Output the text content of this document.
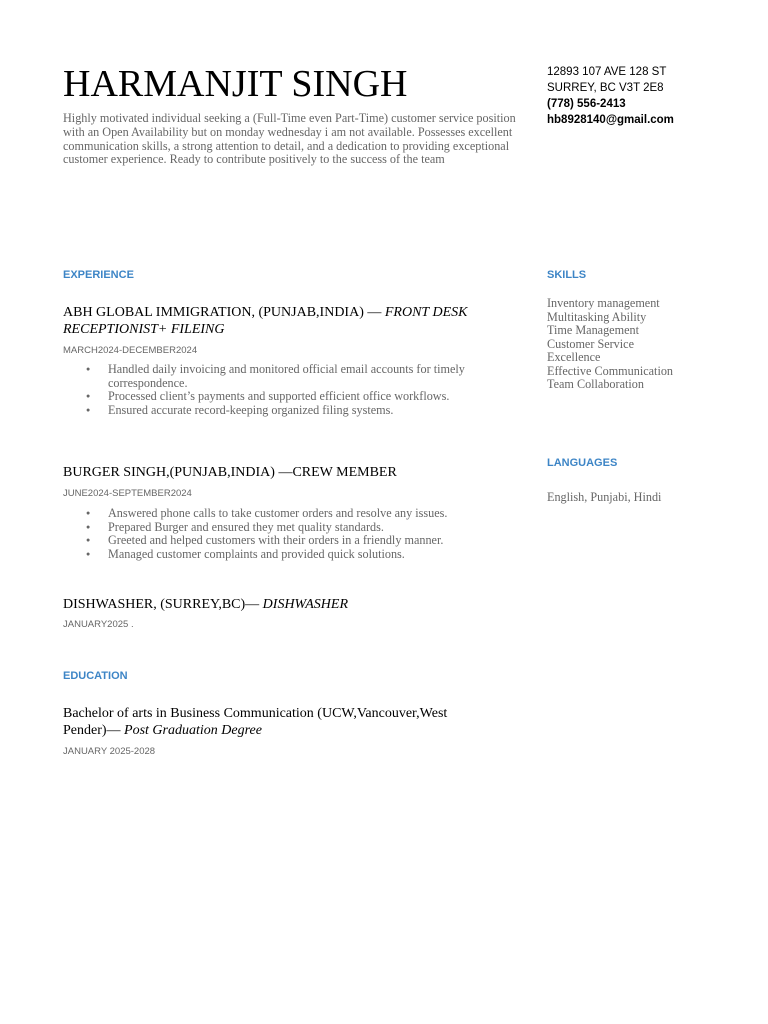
HARMANJIT SINGH
Highly motivated individual seeking a (Full-Time even Part-Time) customer service position with an Open Availability but on monday wednesday i am not available. Possesses excellent communication skills, a strong attention to detail, and a dedication to providing exceptional customer experience. Ready to contribute positively to the success of the team
12893 107 AVE 128 ST
SURREY, BC V3T 2E8
(778) 556-2413
hb8928140@gmail.com
EXPERIENCE
ABH GLOBAL IMMIGRATION, (PUNJAB,INDIA) — FRONT DESK RECEPTIONIST+ FILEING
MARCH2024-DECEMBER2024
● Handled daily invoicing and monitored official email accounts for timely correspondence.
● Processed client’s payments and supported efficient office workflows.
● Ensured accurate record-keeping organized filing systems.
BURGER SINGH,(PUNJAB,INDIA) —CREW MEMBER
JUNE2024-SEPTEMBER2024
● Answered phone calls to take customer orders and resolve any issues.
● Prepared Burger and ensured they met quality standards.
● Greeted and helped customers with their orders in a friendly manner.
● Managed customer complaints and provided quick solutions.
DISHWASHER, (SURREY,BC)— DISHWASHER
JANUARY2025 .
EDUCATION
Bachelor of arts in Business Communication (UCW,Vancouver,West Pender)— Post Graduation Degree
JANUARY 2025-2028
SKILLS
Inventory management
Multitasking Ability
Time Management
Customer Service Excellence
Effective Communication
Team Collaboration
LANGUAGES
English, Punjabi, Hindi
